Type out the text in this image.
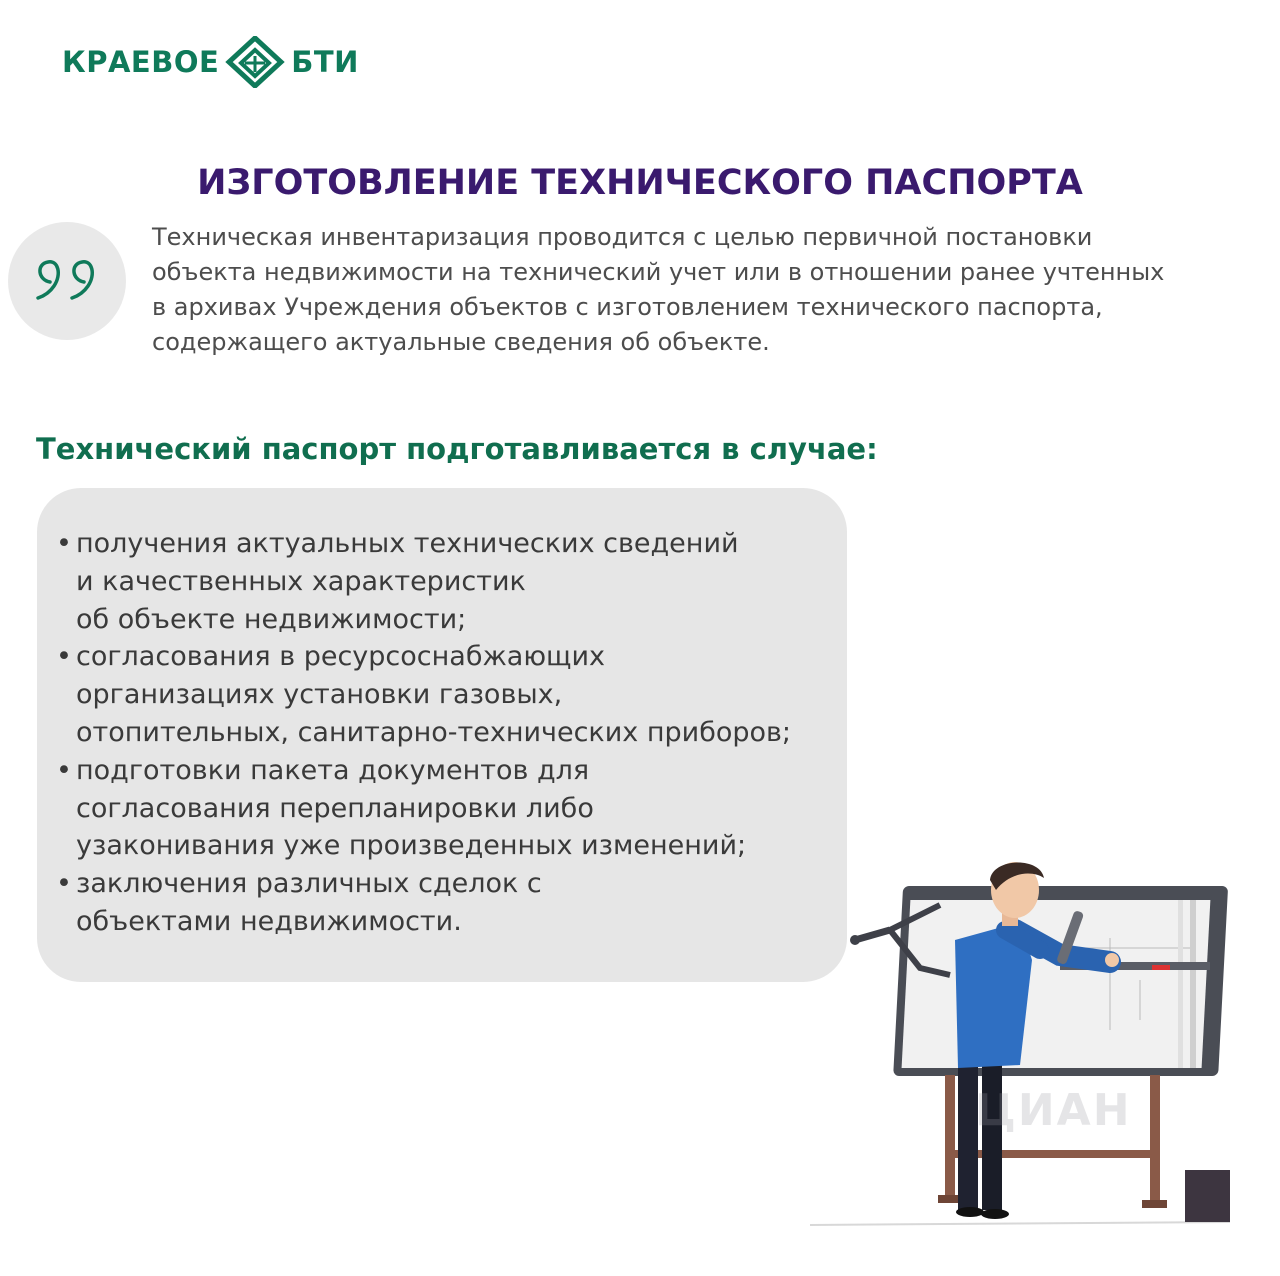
КРАЕВОЕ БТИ
ИЗГОТОВЛЕНИЕ ТЕХНИЧЕСКОГО ПАСПОРТА

Техническая инвентаризация проводится с целью первичной постановки
объекта недвижимости на технический учет или в отношении ранее учтенных
в архивах Учреждения объектов с изготовлением технического паспорта,
содержащего актуальные сведения об объекте.

Технический паспорт подготавливается в случае:
• получения актуальных технических сведений
и качественных характеристик
об объекте недвижимости;
• согласования в ресурсоснабжающих
организациях установки газовых,
отопительных, санитарно-технических приборов;
• подготовки пакета документов для
согласования перепланировки либо
узаконивания уже произведенных изменений;
• заключения различных сделок с
объектами недвижимости.
ЦИАН
